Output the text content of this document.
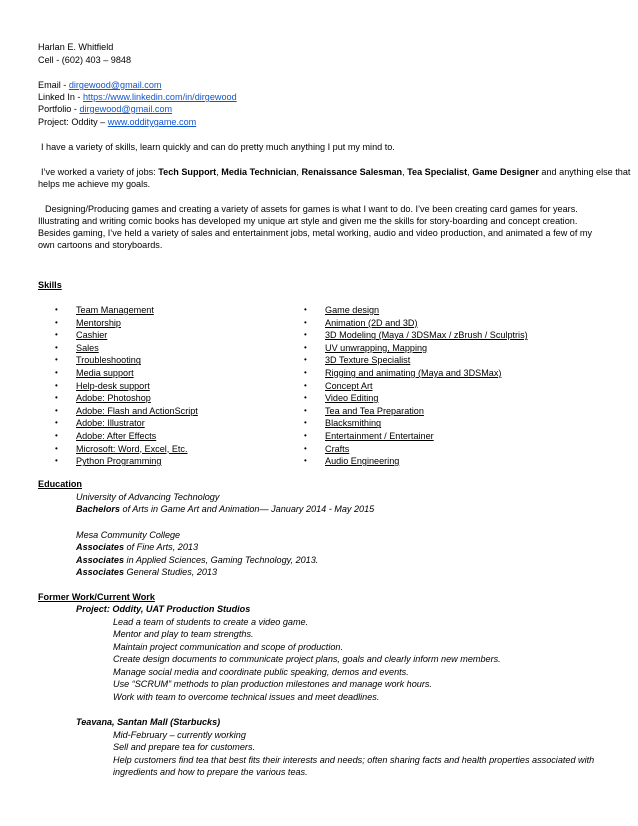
Harlan E. Whitfield
Cell - (602) 403 – 9848
Email - dirgewood@gmail.com
Linked In - https://www.linkedin.com/in/dirgewood
Portfolio - dirgewood@gmail.com
Project: Oddity – www.odditygame.com
I have a variety of skills, learn quickly and can do pretty much anything I put my mind to.
I’ve worked a variety of jobs: Tech Support, Media Technician, Renaissance Salesman, Tea Specialist, Game Designer and anything else that
helps me achieve my goals.
Designing/Producing games and creating a variety of assets for games is what I want to do. I’ve been creating card games for years. Illustrating and writing comic books has developed my unique art style and given me the skills for story-boarding and concept creation. Besides gaming, I’ve held a variety of sales and entertainment jobs, metal working, audio and video production, and animated a few of my own cartoons and storyboards.
Skills
• Team Management
• Mentorship
• Cashier
• Sales
• Troubleshooting
• Media support
• Help-desk support
• Adobe: Photoshop
• Adobe: Flash and ActionScript
• Adobe: Illustrator
• Adobe: After Effects
• Microsoft: Word, Excel, Etc.
• Python Programming
• Game design
• Animation (2D and 3D)
• 3D Modeling (Maya / 3DSMax / zBrush / Sculptris)
• UV unwrapping, Mapping
• 3D Texture Specialist
• Rigging and animating (Maya and 3DSMax)
• Concept Art
• Video Editing
• Tea and Tea Preparation
• Blacksmithing
• Entertainment / Entertainer
• Crafts
• Audio Engineering
Education
University of Advancing Technology
Bachelors of Arts in Game Art and Animation— January 2014 - May 2015
Mesa Community College
Associates of Fine Arts, 2013
Associates in Applied Sciences, Gaming Technology, 2013.
Associates General Studies, 2013
Former Work/Current Work
Project: Oddity, UAT Production Studios
Lead a team of students to create a video game.
Mentor and play to team strengths.
Maintain project communication and scope of production.
Create design documents to communicate project plans, goals and clearly inform new members.
Manage social media and coordinate public speaking, demos and events.
Use “SCRUM” methods to plan production milestones and manage work hours.
Work with team to overcome technical issues and meet deadlines.
Teavana, Santan Mall (Starbucks)
Mid-February – currently working
Sell and prepare tea for customers.
Help customers find tea that best fits their interests and needs; often sharing facts and health properties associated with
ingredients and how to prepare the various teas.
